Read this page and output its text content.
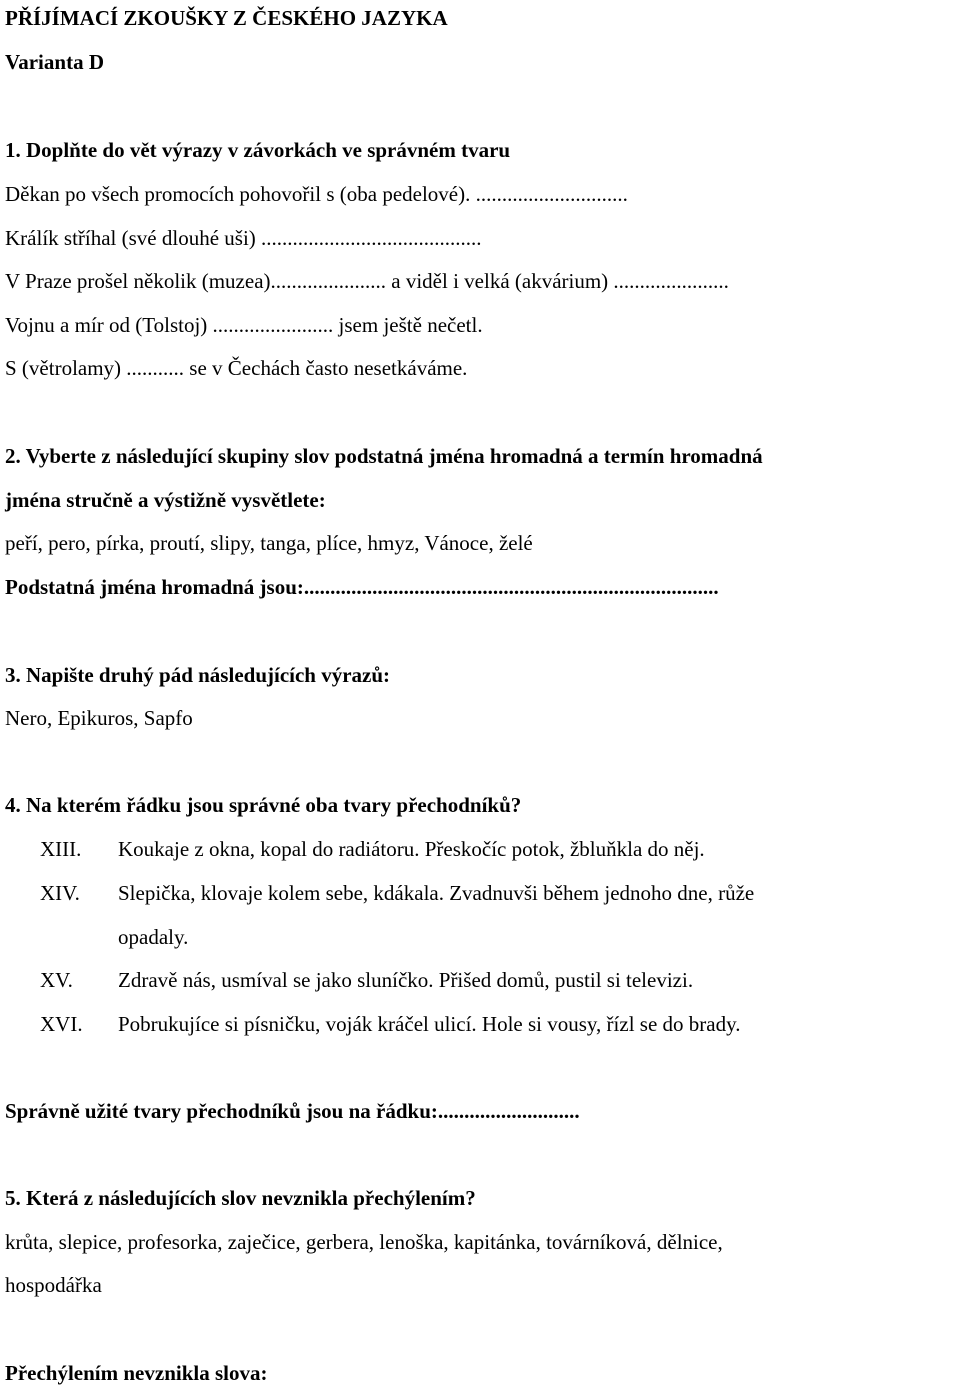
PŘÍJÍMACÍ ZKOUŠKY Z ČESKÉHO JAZYKA
Varianta D
1. Doplňte do vět výrazy v závorkách ve správném tvaru
Děkan po všech promocích pohovořil s (oba pedelové). .............................
Králík stříhal (své dlouhé uši) ..........................................
V Praze prošel několik (muzea)...................... a viděl i velká (akvárium) ......................
Vojnu a mír od (Tolstoj) ....................... jsem ještě nečetl.
S (větrolamy) ........... se v Čechách často nesetkáváme.
2. Vyberte z následující skupiny slov podstatná jména hromadná a termín hromadná
jména stručně a výstižně vysvětlete:
peří, pero, pírka, proutí, slipy, tanga, plíce, hmyz, Vánoce, želé
Podstatná jména hromadná jsou:...............................................................................
3. Napište druhý pád následujících výrazů:
Nero, Epikuros, Sapfo
4. Na kterém řádku jsou správné oba tvary přechodníků?
XIII. Koukaje z okna, kopal do radiátoru. Přeskočíc potok, žbluňkla do něj.
XIV. Slepička, klovaje kolem sebe, kdákala. Zvadnuvši během jednoho dne, růže
opadaly.
XV. Zdravě nás, usmíval se jako sluníčko. Přišed domů, pustil si televizi.
XVI. Pobrukujíce si písničku, voják kráčel ulicí. Hole si vousy, řízl se do brady.
Správně užité tvary přechodníků jsou na řádku:...........................
5. Která z následujících slov nevznikla přechýlením?
krůta, slepice, profesorka, zaječice, gerbera, lenoška, kapitánka, továrníková, dělnice,
hospodářka
Přechýlením nevznikla slova:
